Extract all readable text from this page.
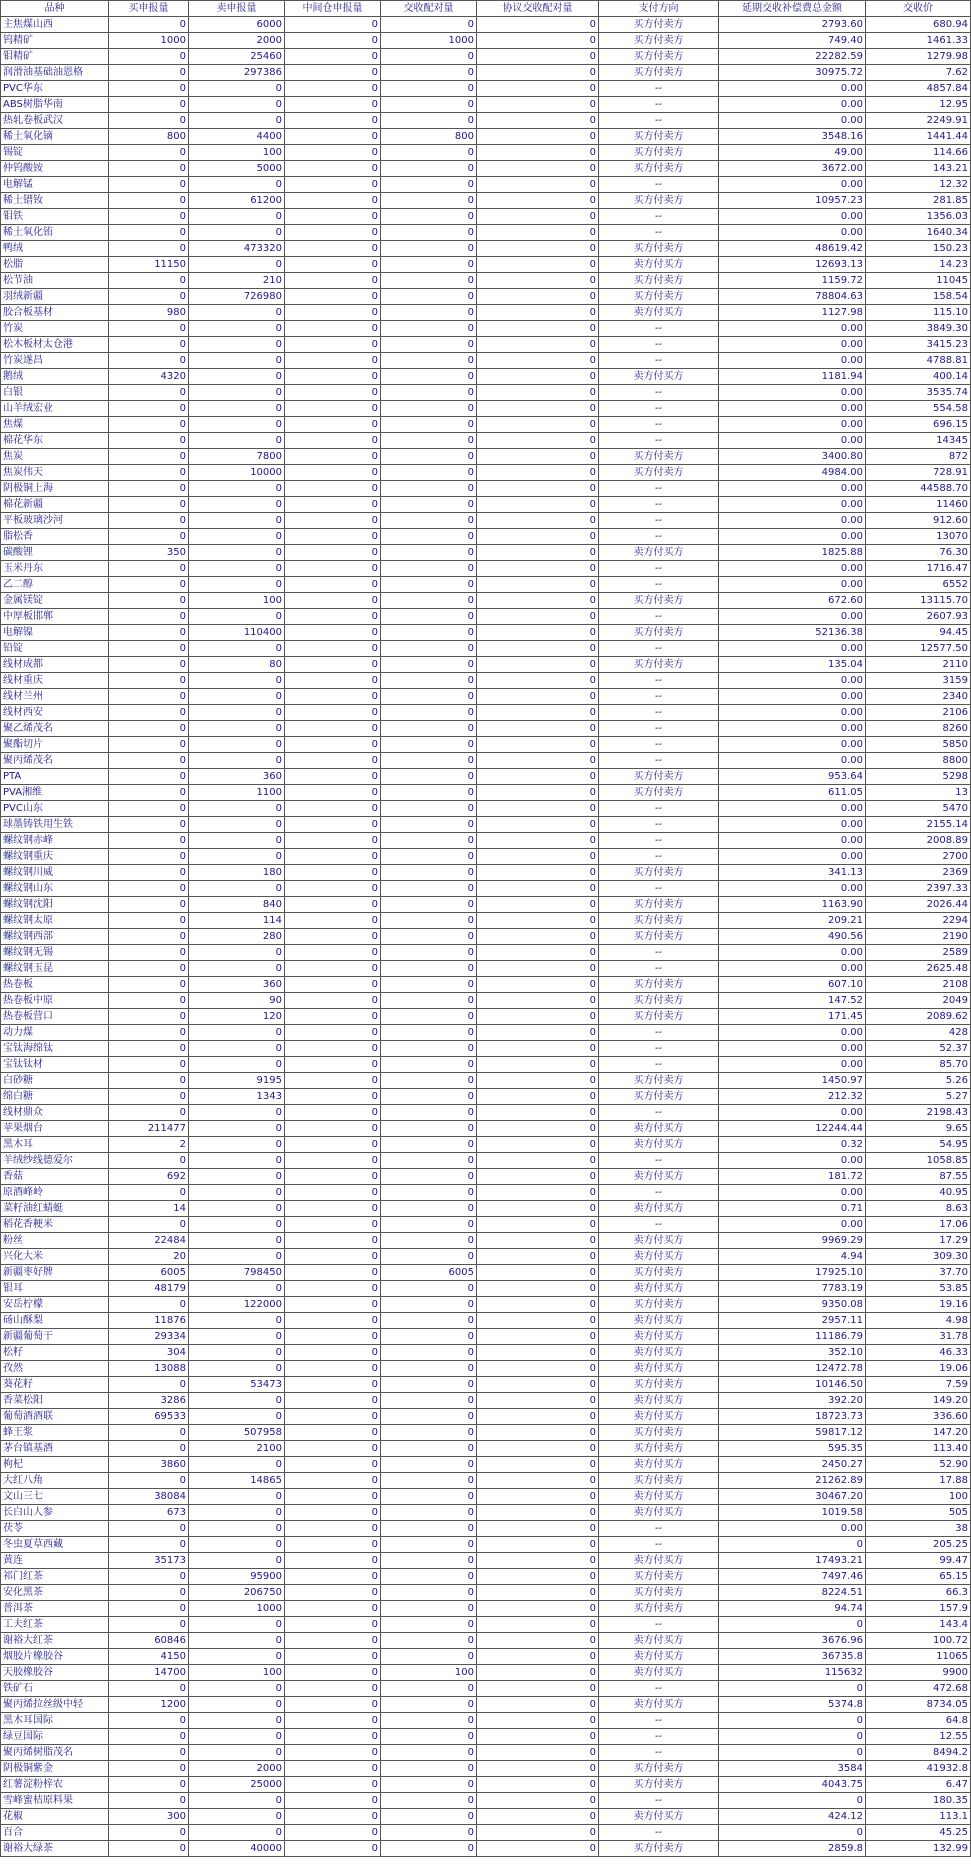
品种	买申报量	卖申报量	中间仓申报量	交收配对量	协议交收配对量	支付方向	延期交收补偿费总金额	交收价
主焦煤山西	0	6000	0	0	0	买方付卖方	2793.60	680.94
钨精矿	1000	2000	0	1000	0	买方付卖方	749.40	1461.33
钼精矿	0	25460	0	0	0	买方付卖方	22282.59	1279.98
润滑油基础油恩格	0	297386	0	0	0	买方付卖方	30975.72	7.62
PVC华东	0	0	0	0	0	--	0.00	4857.84
ABS树脂华南	0	0	0	0	0	--	0.00	12.95
热轧卷板武汉	0	0	0	0	0	--	0.00	2249.91
稀土氧化镝	800	4400	0	800	0	买方付卖方	3548.16	1441.44
锡锭	0	100	0	0	0	买方付卖方	49.00	114.66
仲钨酸铵	0	5000	0	0	0	买方付卖方	3672.00	143.21
电解锰	0	0	0	0	0	--	0.00	12.32
稀土镨钕	0	61200	0	0	0	买方付卖方	10957.23	281.85
钼铁	0	0	0	0	0	--	0.00	1356.03
稀土氧化铕	0	0	0	0	0	--	0.00	1640.34
鸭绒	0	473320	0	0	0	买方付卖方	48619.42	150.23
松脂	11150	0	0	0	0	卖方付买方	12693.13	14.23
松节油	0	210	0	0	0	买方付卖方	1159.72	11045
羽绒新疆	0	726980	0	0	0	买方付卖方	78804.63	158.54
胶合板基材	980	0	0	0	0	卖方付买方	1127.98	115.10
竹炭	0	0	0	0	0	--	0.00	3849.30
松木板材太仓港	0	0	0	0	0	--	0.00	3415.23
竹炭遂昌	0	0	0	0	0	--	0.00	4788.81
鹅绒	4320	0	0	0	0	卖方付买方	1181.94	400.14
白银	0	0	0	0	0	--	0.00	3535.74
山羊绒宏业	0	0	0	0	0	--	0.00	554.58
焦煤	0	0	0	0	0	--	0.00	696.15
棉花华东	0	0	0	0	0	--	0.00	14345
焦炭	0	7800	0	0	0	买方付卖方	3400.80	872
焦炭伟天	0	10000	0	0	0	买方付卖方	4984.00	728.91
阴极铜上海	0	0	0	0	0	--	0.00	44588.70
棉花新疆	0	0	0	0	0	--	0.00	11460
平板玻璃沙河	0	0	0	0	0	--	0.00	912.60
脂松香	0	0	0	0	0	--	0.00	13070
碳酸锂	350	0	0	0	0	卖方付买方	1825.88	76.30
玉米丹东	0	0	0	0	0	--	0.00	1716.47
乙二醇	0	0	0	0	0	--	0.00	6552
金属镁锭	0	100	0	0	0	买方付卖方	672.60	13115.70
中厚板邯郸	0	0	0	0	0	--	0.00	2607.93
电解镍	0	110400	0	0	0	买方付卖方	52136.38	94.45
铅锭	0	0	0	0	0	--	0.00	12577.50
线材成都	0	80	0	0	0	买方付卖方	135.04	2110
线材重庆	0	0	0	0	0	--	0.00	3159
线材兰州	0	0	0	0	0	--	0.00	2340
线材西安	0	0	0	0	0	--	0.00	2106
聚乙烯茂名	0	0	0	0	0	--	0.00	8260
聚酯切片	0	0	0	0	0	--	0.00	5850
聚丙烯茂名	0	0	0	0	0	--	0.00	8800
PTA	0	360	0	0	0	买方付卖方	953.64	5298
PVA湘维	0	1100	0	0	0	买方付卖方	611.05	13
PVC山东	0	0	0	0	0	--	0.00	5470
球墨铸铁用生铁	0	0	0	0	0	--	0.00	2155.14
螺纹钢赤峰	0	0	0	0	0	--	0.00	2008.89
螺纹钢重庆	0	0	0	0	0	--	0.00	2700
螺纹钢川威	0	180	0	0	0	买方付卖方	341.13	2369
螺纹钢山东	0	0	0	0	0	--	0.00	2397.33
螺纹钢沈阳	0	840	0	0	0	买方付卖方	1163.90	2026.44
螺纹钢太原	0	114	0	0	0	买方付卖方	209.21	2294
螺纹钢西部	0	280	0	0	0	买方付卖方	490.56	2190
螺纹钢无锡	0	0	0	0	0	--	0.00	2589
螺纹钢玉昆	0	0	0	0	0	--	0.00	2625.48
热卷板	0	360	0	0	0	买方付卖方	607.10	2108
热卷板中原	0	90	0	0	0	买方付卖方	147.52	2049
热卷板营口	0	120	0	0	0	买方付卖方	171.45	2089.62
动力煤	0	0	0	0	0	--	0.00	428
宝钛海绵钛	0	0	0	0	0	--	0.00	52.37
宝钛钛材	0	0	0	0	0	--	0.00	85.70
白砂糖	0	9195	0	0	0	买方付卖方	1450.97	5.26
绵白糖	0	1343	0	0	0	买方付卖方	212.32	5.27
线材鼎众	0	0	0	0	0	--	0.00	2198.43
苹果烟台	211477	0	0	0	0	卖方付买方	12244.44	9.65
黑木耳	2	0	0	0	0	卖方付买方	0.32	54.95
羊绒纱线德爱尔	0	0	0	0	0	--	0.00	1058.85
香菇	692	0	0	0	0	卖方付买方	181.72	87.55
原酒峰岭	0	0	0	0	0	--	0.00	40.95
菜籽油红蜻蜓	14	0	0	0	0	卖方付买方	0.71	8.63
稻花香粳米	0	0	0	0	0	--	0.00	17.06
粉丝	22484	0	0	0	0	卖方付买方	9969.29	17.29
兴化大米	20	0	0	0	0	卖方付买方	4.94	309.30
新疆枣好牌	6005	798450	0	6005	0	买方付卖方	17925.10	37.70
银耳	48179	0	0	0	0	卖方付买方	7783.19	53.85
安岳柠檬	0	122000	0	0	0	买方付卖方	9350.08	19.16
砀山酥梨	11876	0	0	0	0	卖方付买方	2957.11	4.98
新疆葡萄干	29334	0	0	0	0	卖方付买方	11186.79	31.78
松籽	304	0	0	0	0	卖方付买方	352.10	46.33
孜然	13088	0	0	0	0	卖方付买方	12472.78	19.06
葵花籽	0	53473	0	0	0	买方付卖方	10146.50	7.59
香菜松阳	3286	0	0	0	0	卖方付买方	392.20	149.20
葡萄酒酒联	69533	0	0	0	0	卖方付买方	18723.73	336.60
蜂王浆	0	507958	0	0	0	买方付卖方	59817.12	147.20
茅台镇基酒	0	2100	0	0	0	买方付卖方	595.35	113.40
枸杞	3860	0	0	0	0	卖方付买方	2450.27	52.90
大红八角	0	14865	0	0	0	买方付卖方	21262.89	17.88
文山三七	38084	0	0	0	0	卖方付买方	30467.20	100
长白山人参	673	0	0	0	0	卖方付买方	1019.58	505
茯苓	0	0	0	0	0	--	0.00	38
冬虫夏草西藏	0	0	0	0	0	--	0	205.25
黄连	35173	0	0	0	0	卖方付买方	17493.21	99.47
祁门红茶	0	95900	0	0	0	买方付卖方	7497.46	65.15
安化黑茶	0	206750	0	0	0	买方付卖方	8224.51	66.3
普洱茶	0	1000	0	0	0	买方付卖方	94.74	157.9
工夫红茶	0	0	0	0	0	--	0	143.4
谢裕大红茶	60846	0	0	0	0	卖方付买方	3676.96	100.72
烟胶片橡胶谷	4150	0	0	0	0	卖方付买方	36735.8	11065
天胶橡胶谷	14700	100	0	100	0	卖方付买方	115632	9900
铁矿石	0	0	0	0	0	--	0	472.68
聚丙烯拉丝级中轻	1200	0	0	0	0	卖方付买方	5374.8	8734.05
黑木耳国际	0	0	0	0	0	--	0	64.8
绿豆国际	0	0	0	0	0	--	0	12.55
聚丙烯树脂茂名	0	0	0	0	0	--	0	8494.2
阴极铜紫金	0	2000	0	0	0	买方付卖方	3584	41932.8
红薯淀粉梓农	0	25000	0	0	0	买方付卖方	4043.75	6.47
雪峰蜜桔原料果	0	0	0	0	0	--	0	180.35
花椒	300	0	0	0	0	卖方付买方	424.12	113.1
百合	0	0	0	0	0	--	0	45.25
谢裕大绿茶	0	40000	0	0	0	买方付卖方	2859.8	132.99
